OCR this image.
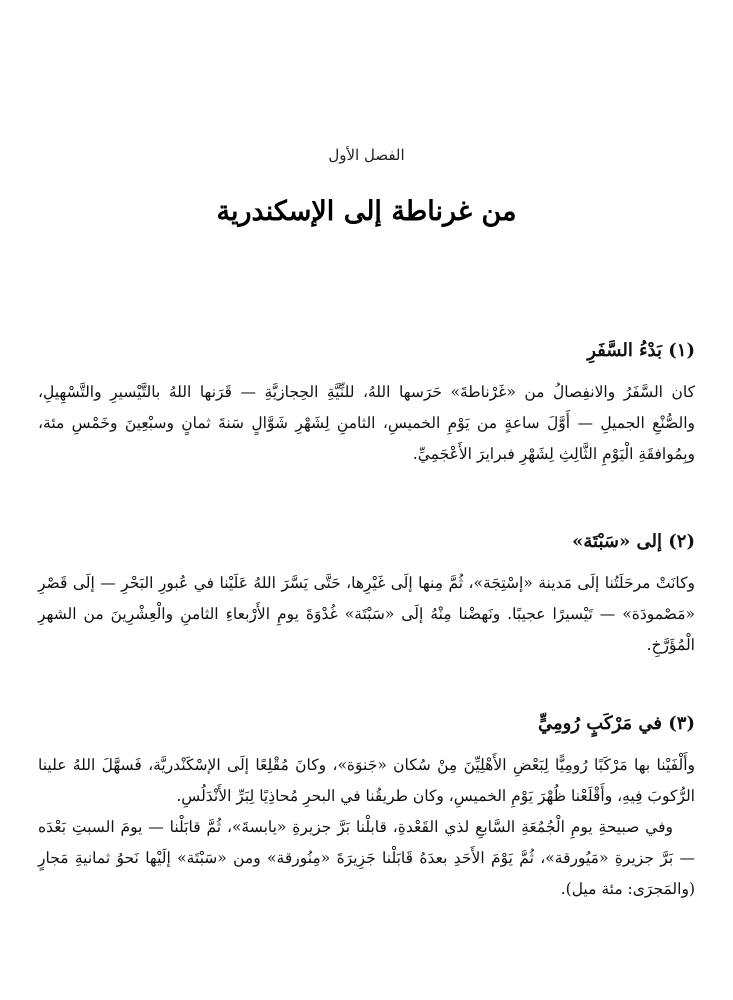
الفصل الأول
من غرناطة إلى الإسكندرية
(١) بَدْءُ السَّفَرِ

كان السَّفَرُ والانفِصالُ من «غَرْناطةَ» حَرَسها اللهُ، للنِّيَّةِ الحِجازيَّةِ — قَرَنها اللهُ بالتَّيْسيرِ والتَّسْهِيلِ، والصُّنْعِ الجميلِ — أَوَّلَ ساعةٍ من يَوْمِ الخميسِ، الثامنِ لِشَهْرِ شَوَّالٍ سَنةَ ثمانٍ وسبْعِينَ وخَمْسِ مئة، وبِمُوافقَةِ الْيَوْمِ الثَّالِثِ لِشَهْرِ فبرايرَ الأَعْجَمِيِّ.

(٢) إلى «سَبْتَة»

وكانَتْ مرحَلَتُنا إلَى مَدينة «إسْتِجَة»، ثُمَّ مِنها إلَى غَيْرِها، حَتَّى يَسَّرَ اللهُ عَلَيْنا في عُبورِ البَحْرِ — إلَى قَصْرِ «مَصْمودَة» — تَيْسيرًا عجيبًا. ونَهضْنا مِنْهُ إلَى «سَبْتَة» غُدْوَةَ يومِ الأَرْبعاءِ الثامنِ والْعِشْرِينَ من الشهرِ الْمُؤَرَّخِ.

(٣) في مَرْكَبٍ رُومِيٍّ

وأَلْفَيْنا بها مَرْكَبًا رُومِيًّا لِبَعْضِ الأَهْلِيِّنَ مِنْ سُكان «جَنوَة»، وكانَ مُقْلِعًا إلَى الإسْكَنْدريَّة، فَسهَّلَ اللهُ علينا الرُّكوبَ فِيهِ، وأَقْلَعْنا ظُهْرَ يَوْمِ الخميسِ، وكان طريقُنا في البحرِ مُحاذِيًا لِبَرِّ الأَنْدَلُسِ.

وفي صبيحةِ يومِ الْجُمُعَةِ السَّابعِ لذي القَعْدةِ، قابلْنا بَرَّ جزيرةِ «يابسةَ»، ثُمَّ قابَلْنا — يومَ السبتِ بَعْدَه — بَرَّ جزيرةِ «مَيُورقة»، ثُمَّ يَوْمَ الأَحَدِ بعدَهُ قَابَلْنا جَزِيرَةَ «مِنُورقة» ومن «سَبْتَة» إلَيْها نَحوُ ثمانيةِ مَجارٍ (والمَجرَى: مئة ميل).
